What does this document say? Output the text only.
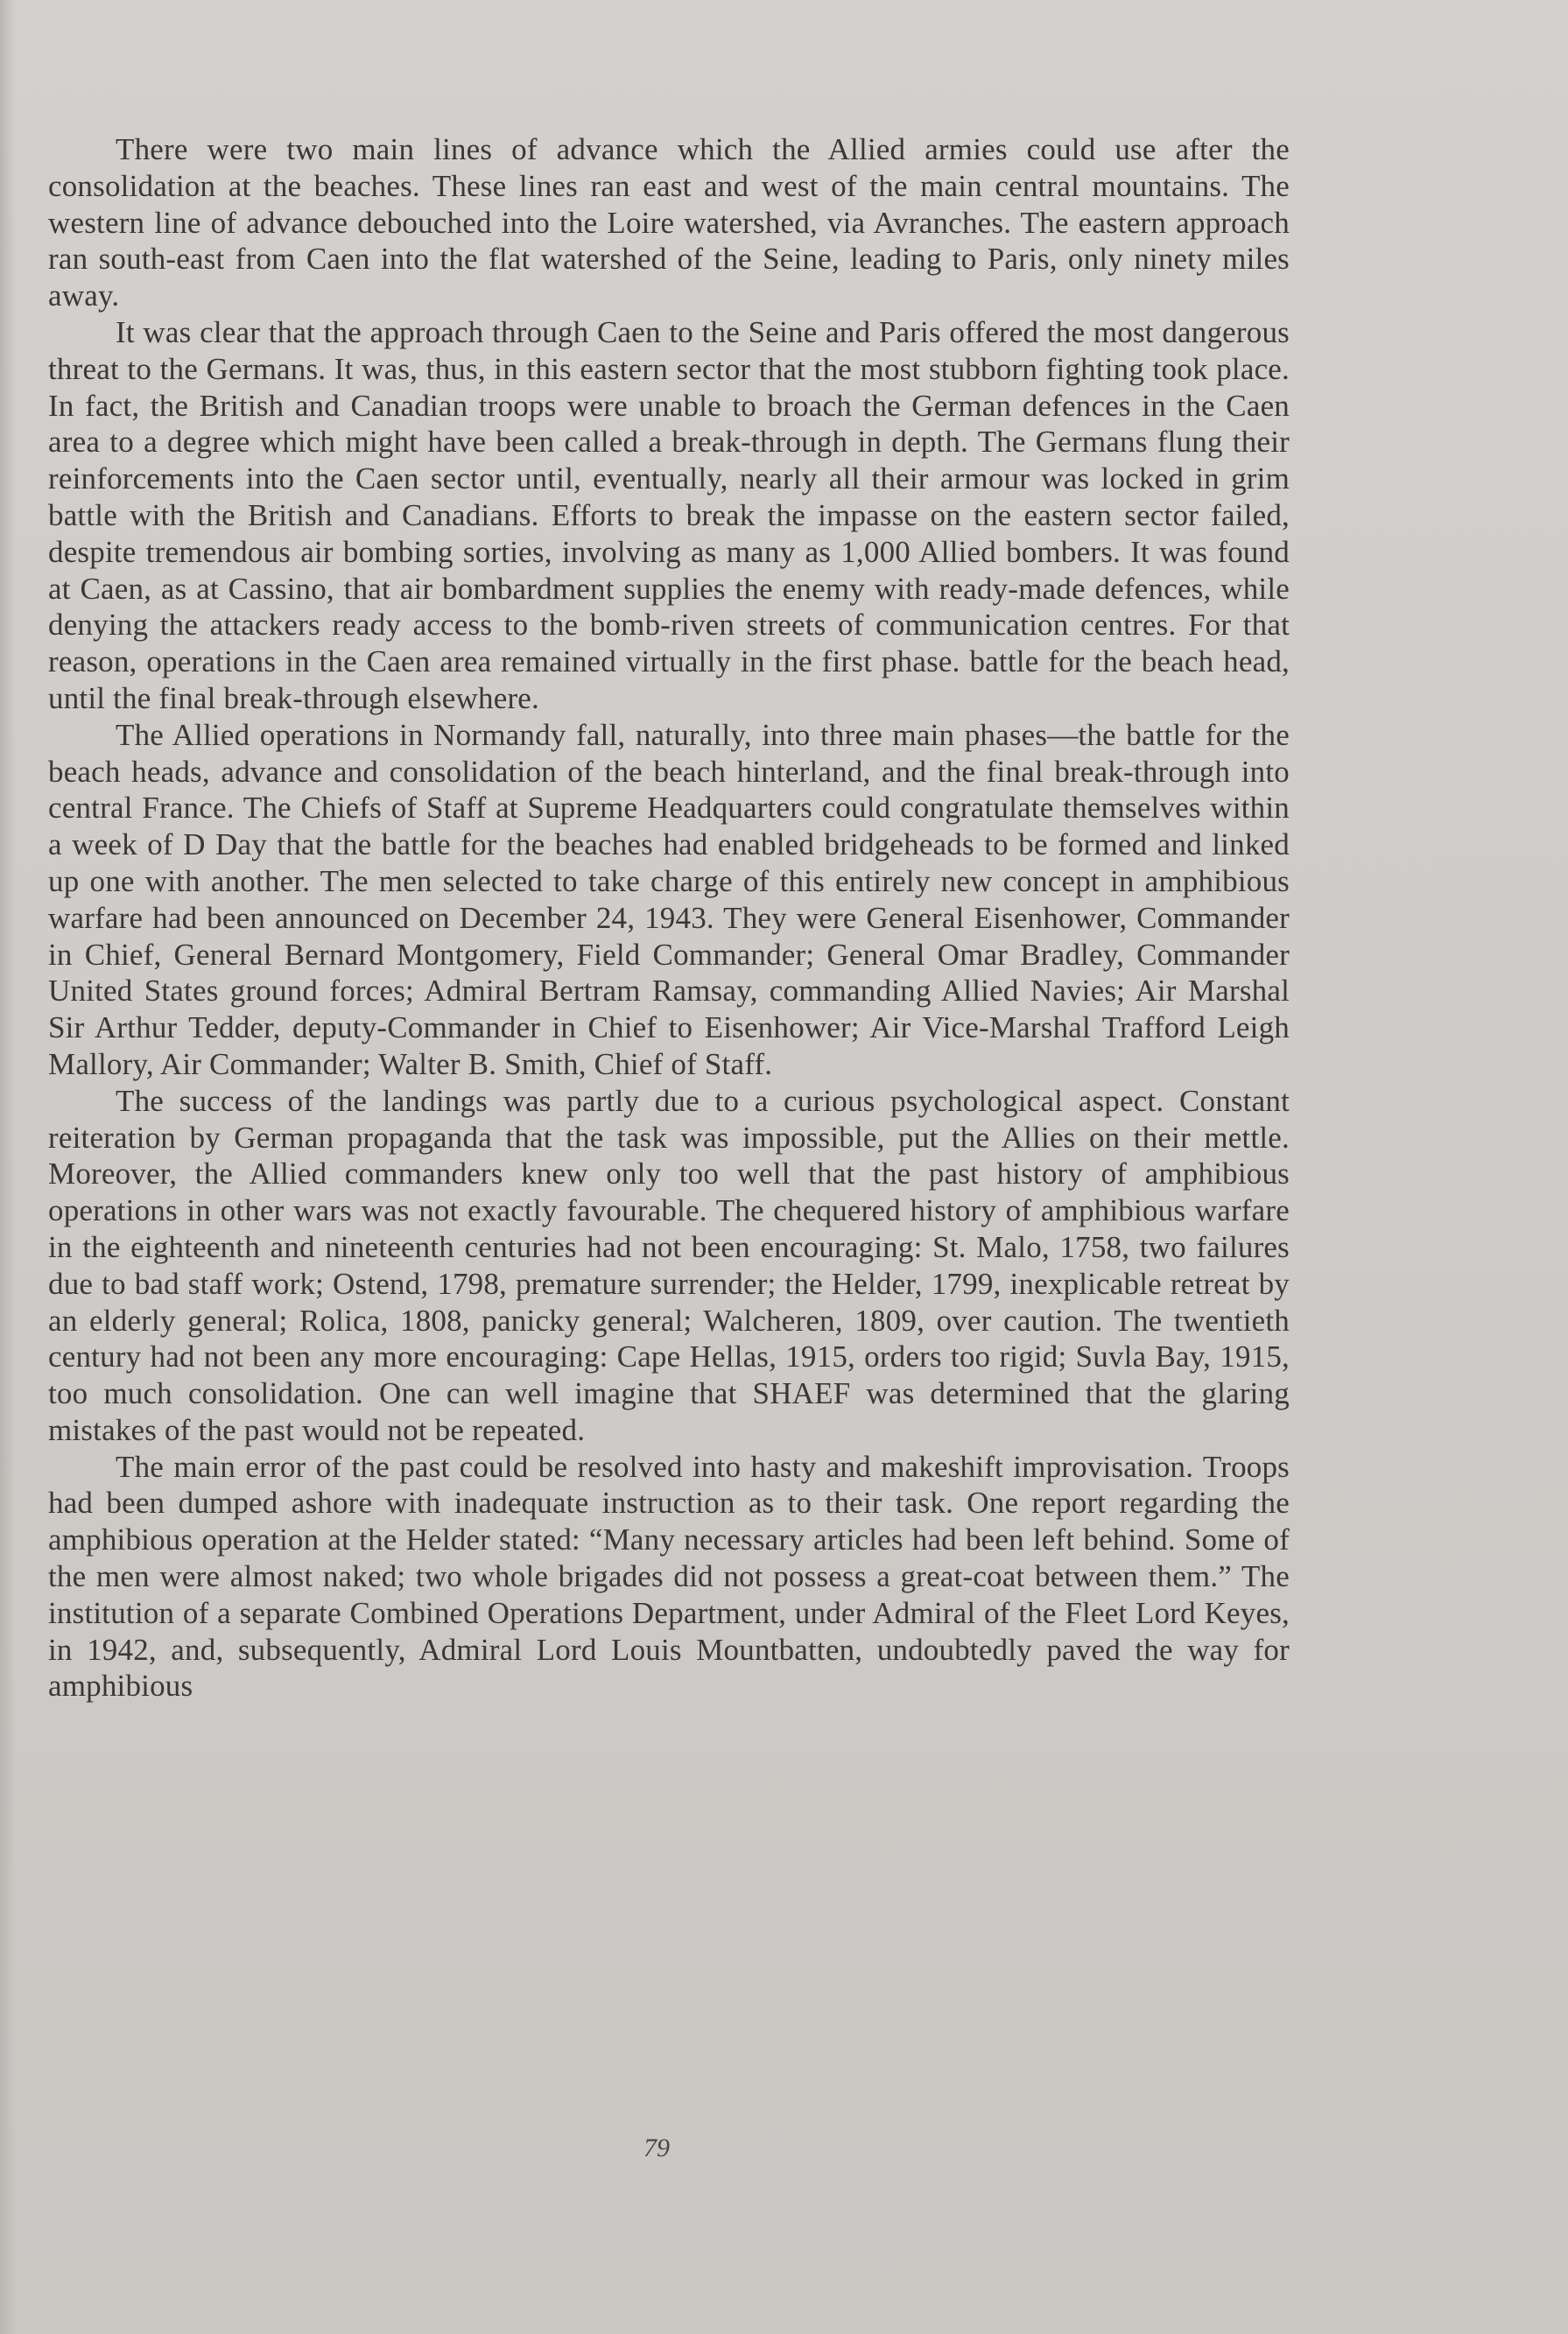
There were two main lines of advance which the Allied armies could use after the consolidation at the beaches. These lines ran east and west of the main central mountains. The western line of advance debouched into the Loire watershed, via Avranches. The eastern approach ran south-east from Caen into the flat watershed of the Seine, leading to Paris, only ninety miles away.

It was clear that the approach through Caen to the Seine and Paris offered the most dangerous threat to the Germans. It was, thus, in this eastern sector that the most stubborn fighting took place. In fact, the British and Canadian troops were unable to broach the German defences in the Caen area to a degree which might have been called a break-through in depth. The Germans flung their reinforcements into the Caen sector until, eventually, nearly all their armour was locked in grim battle with the British and Canadians. Efforts to break the impasse on the eastern sector failed, despite tremendous air bombing sorties, involving as many as 1,000 Allied bombers. It was found at Caen, as at Cassino, that air bombardment supplies the enemy with ready-made defences, while denying the attackers ready access to the bomb-riven streets of communication centres. For that reason, operations in the Caen area remained virtually in the first phase. battle for the beach head, until the final break-through elsewhere.

The Allied operations in Normandy fall, naturally, into three main phases—the battle for the beach heads, advance and consolidation of the beach hinterland, and the final break-through into central France. The Chiefs of Staff at Supreme Headquarters could congratulate themselves within a week of D Day that the battle for the beaches had enabled bridgeheads to be formed and linked up one with another. The men selected to take charge of this entirely new concept in amphibious warfare had been announced on December 24, 1943. They were General Eisenhower, Commander in Chief, General Bernard Montgomery, Field Commander; General Omar Bradley, Commander United States ground forces; Admiral Bertram Ramsay, commanding Allied Navies; Air Marshal Sir Arthur Tedder, deputy-Commander in Chief to Eisenhower; Air Vice-Marshal Trafford Leigh Mallory, Air Commander; Walter B. Smith, Chief of Staff.

The success of the landings was partly due to a curious psychological aspect. Constant reiteration by German propaganda that the task was impossible, put the Allies on their mettle. Moreover, the Allied commanders knew only too well that the past history of amphibious operations in other wars was not exactly favourable. The chequered history of amphibious warfare in the eighteenth and nineteenth centuries had not been encouraging: St. Malo, 1758, two failures due to bad staff work; Ostend, 1798, premature surrender; the Helder, 1799, inexplicable retreat by an elderly general; Rolica, 1808, panicky general; Walcheren, 1809, over caution. The twentieth century had not been any more encouraging: Cape Hellas, 1915, orders too rigid; Suvla Bay, 1915, too much consolidation. One can well imagine that SHAEF was determined that the glaring mistakes of the past would not be repeated.

The main error of the past could be resolved into hasty and makeshift improvisation. Troops had been dumped ashore with inadequate instruction as to their task. One report regarding the amphibious operation at the Helder stated: “Many necessary articles had been left behind. Some of the men were almost naked; two whole brigades did not possess a great-coat between them.” The institution of a separate Combined Operations Department, under Admiral of the Fleet Lord Keyes, in 1942, and, subsequently, Admiral Lord Louis Mountbatten, undoubtedly paved the way for amphibious

79
